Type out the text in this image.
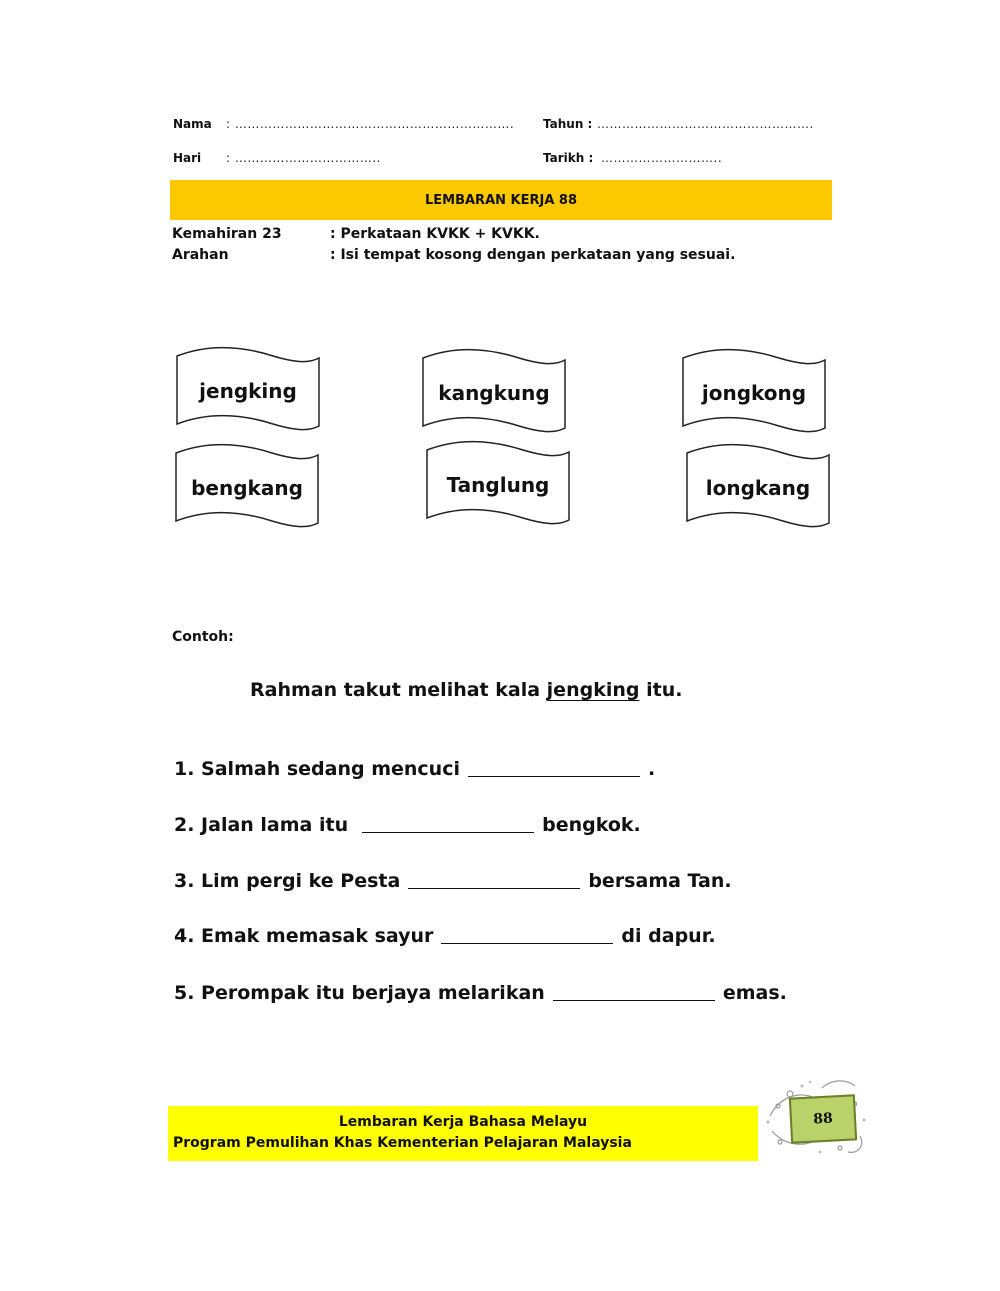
Nama : …………………………………………………………. Tahun : …………………………………………….
Hari : ……………………………..	Tarikh : ………………………..
LEMBARAN KERJA 88
Kemahiran 23	: Perkataan KVKK + KVKK.
Arahan	: Isi tempat kosong dengan perkataan yang sesuai.
jengking	kangkung	jongkong
bengkang	Tanglung	longkang
Contoh:
Rahman takut melihat kala jengking itu.
1. Salmah sedang mencuci	.
2. Jalan lama itu	bengkok.
3. Lim pergi ke Pesta	bersama Tan.
4. Emak memasak sayur	di dapur.
5. Perompak itu berjaya melarikan	emas.
Lembaran Kerja Bahasa Melayu
Program Pemulihan Khas Kementerian Pelajaran Malaysia
88
